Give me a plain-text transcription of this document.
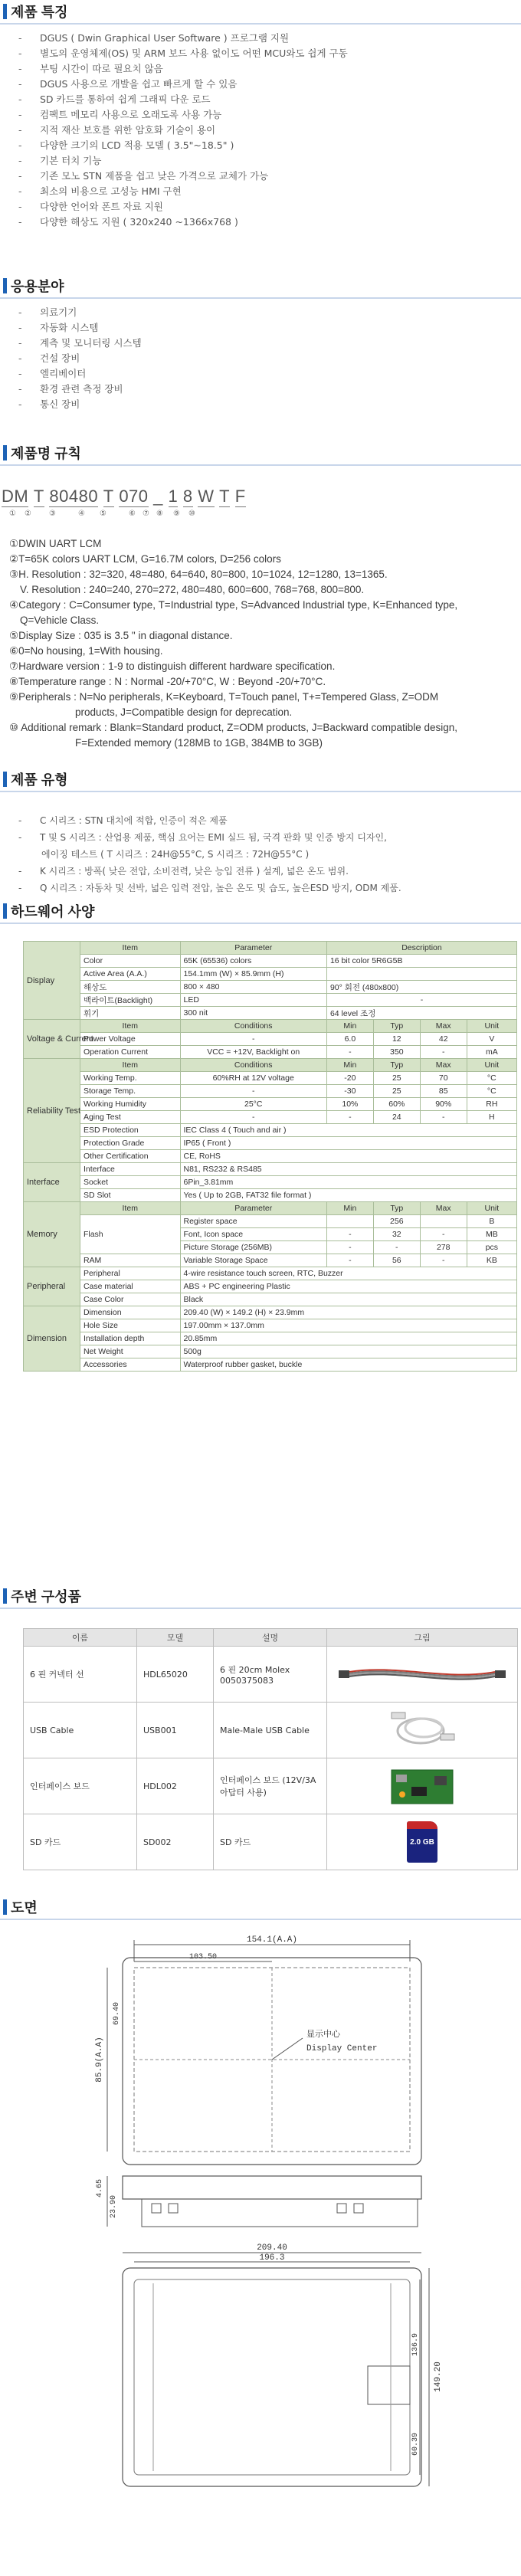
제품 특징
- DGUS ( Dwin Graphical User Software ) 프로그램 지원
- 별도의 운영체제(OS) 및 ARM 보드 사용 없이도 어떤 MCU와도 쉽게 구동
- 부팅 시간이 따로 필요치 않음
- DGUS 사용으로 개발을 쉽고 빠르게 할 수 있음
- SD 카드를 통하여 쉽게 그래픽 다운 로드
- 컴팩트 메모리 사용으로 오래도록 사용 가능
- 지적 재산 보호를 위한 암호화 기술이 용이
- 다양한 크기의 LCD 적용 모델 ( 3.5"~18.5" )
- 기본 터치 기능
- 기존 모노 STN 제품을 쉽고 낮은 가격으로 교체가 가능
- 최소의 비용으로 고성능 HMI 구현
- 다양한 언어와 폰트 자료 지원
- 다양한 해상도 지원 ( 320x240 ~1366x768 )
응용분야
- 의료기기
- 자동화 시스템
- 계측 및 모니터링 시스템
- 건설 장비
- 엘리베이터
- 환경 관련 측정 장비
- 통신 장비
제품명 규칙
DM T 80480 T 070 _ 1 8 W T F
① ② ③	④ ⑤	⑥ ⑦ ⑧ ⑨ ⑩
①DWIN UART LCM
②T=65K colors UART LCM, G=16.7M colors, D=256 colors
③H. Resolution : 32=320, 48=480, 64=640, 80=800, 10=1024, 12=1280, 13=1365.
V. Resolution : 240=240, 270=272, 480=480, 600=600, 768=768, 800=800.
④Category : C=Consumer type, T=Industrial type, S=Advanced Industrial type, K=Enhanced type,
Q=Vehicle Class.
⑤Display Size : 035 is 3.5 " in diagonal distance.
⑥0=No housing, 1=With housing.
⑦Hardware version : 1-9 to distinguish different hardware specification.
⑧Temperature range : N : Normal -20/+70°C, W : Beyond -20/+70°C.
⑨Peripherals : N=No peripherals, K=Keyboard, T=Touch panel, T+=Tempered Glass, Z=ODM
products, J=Compatible design for deprecation.
⑩ Additional remark : Blank=Standard product, Z=ODM products, J=Backward compatible design,
F=Extended memory (128MB to 1GB, 384MB to 3GB)
제품 유형
- C 시리즈 : STN 대치에 적합, 인증이 적은 제품
- T 및 S 시리즈 : 산업용 제품, 핵심 요어는 EMI 실드 됨, 국격 판화 및 인증 방지 디자인,
에이징 테스트 ( T 시리즈 : 24H@55°C, S 시리즈 : 72H@55°C )
- K 시리즈 : 방폭( 낮은 전압, 소비전력, 낮은 능입 전류 ) 설계, 넓은 온도 범위.
- Q 시리즈 : 자동차 및 선박, 넓은 입력 전압, 높은 온도 및 습도, 높은ESD 방지, ODM 제품.
하드웨어 사양
Display	Item	Parameter	Description			
	Color	65K (65536) colors	16 bit color 5R6G5B			
	Active Area (A.A.)	154.1mm (W) × 85.9mm (H)				
	해상도	800 × 480	90° 회전 (480x800)			
	백라이트(Backlight)	LED	-			
	휘기	300 nit	64 level 조정			
Voltage & Current	Item	Conditions	Min	Typ	Max	Unit
	Power Voltage	-	6.0	12	42	V
	Operation Current	VCC = +12V, Backlight on	-	350	-	mA
Reliability Test	Item	Conditions	Min	Typ	Max	Unit
	Working Temp.	60%RH at 12V voltage	-20	25	70	°C
	Storage Temp.	-	-30	25	85	°C
	Working Humidity	25°C	10%	60%	90%	RH
	Aging Test	-	-	24	-	H
	ESD Protection	IEC Class 4 ( Touch and air )				
	Protection Grade	IP65 ( Front )				
	Other Certification	CE, RoHS				
Interface	Interface	N81, RS232 & RS485				
	Socket	6Pin_3.81mm				
	SD Slot	Yes ( Up to 2GB, FAT32 file format )				
Memory	Item	Parameter	Min	Typ	Max	Unit
	Flash	Register space		256		B
		Font, Icon space	-	32	-	MB
		Picture Storage (256MB)	-	-	278	pcs
	RAM	Variable Storage Space	-	56	-	KB
Peripheral	Peripheral	4-wire resistance touch screen, RTC, Buzzer				
	Case material	ABS + PC engineering Plastic				
	Case Color	Black				
Dimension	Dimension	209.40 (W) × 149.2 (H) × 23.9mm				
	Hole Size	197.00mm × 137.0mm				
	Installation depth	20.85mm				
	Net Weight	500g				
	Accessories	Waterproof rubber gasket, buckle				
주변 구성품
이름	모델	설명	그림
6 핀 커넥터 선	HDL65020	6 핀 20cm Molex 0050375083	
USB Cable	USB001	Male-Male USB Cable	
인터페이스 보드	HDL002	인터페이스 보드 (12V/3A 아답터 사용)	
SD 카드	SD002	SD 카드	2.0 GB
도면
154.1(A.A)
103.50
85.9(A.A)
69.40
显示中心
Display Center
4.65
23.90
209.40
196.3
149.20
136.9
60.39
